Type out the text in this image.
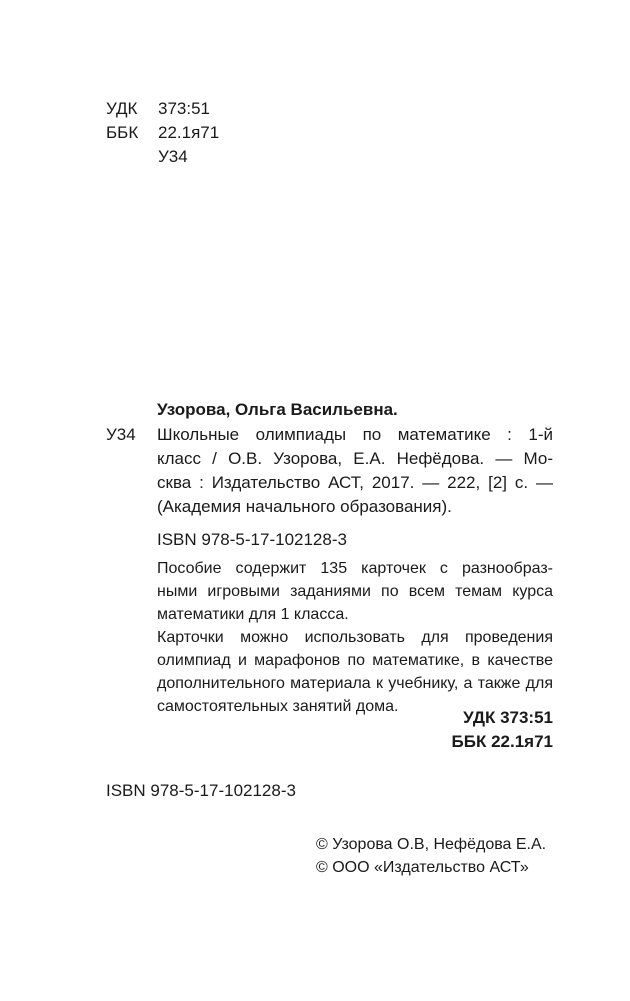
УДК	373:51
ББК	22.1я71
У34
Узорова, Ольга Васильевна.
У34 Школьные олимпиады по математике : 1-й
класс / О.В. Узорова, Е.А. Нефёдова. — Мо-
сква : Издательство АСТ, 2017. — 222, [2] с. —
(Академия начального образования).
ISBN 978-5-17-102128-3
Пособие содержит 135 карточек с разнообраз-
ными игровыми заданиями по всем темам курса
математики для 1 класса.
Карточки можно использовать для проведения
олимпиад и марафонов по математике, в качестве
дополнительного материала к учебнику, а также для
самостоятельных занятий дома.
УДК 373:51
ББК 22.1я71
ISBN 978-5-17-102128-3
© Узорова О.В, Нефёдова Е.А.
© ООО «Издательство АСТ»
